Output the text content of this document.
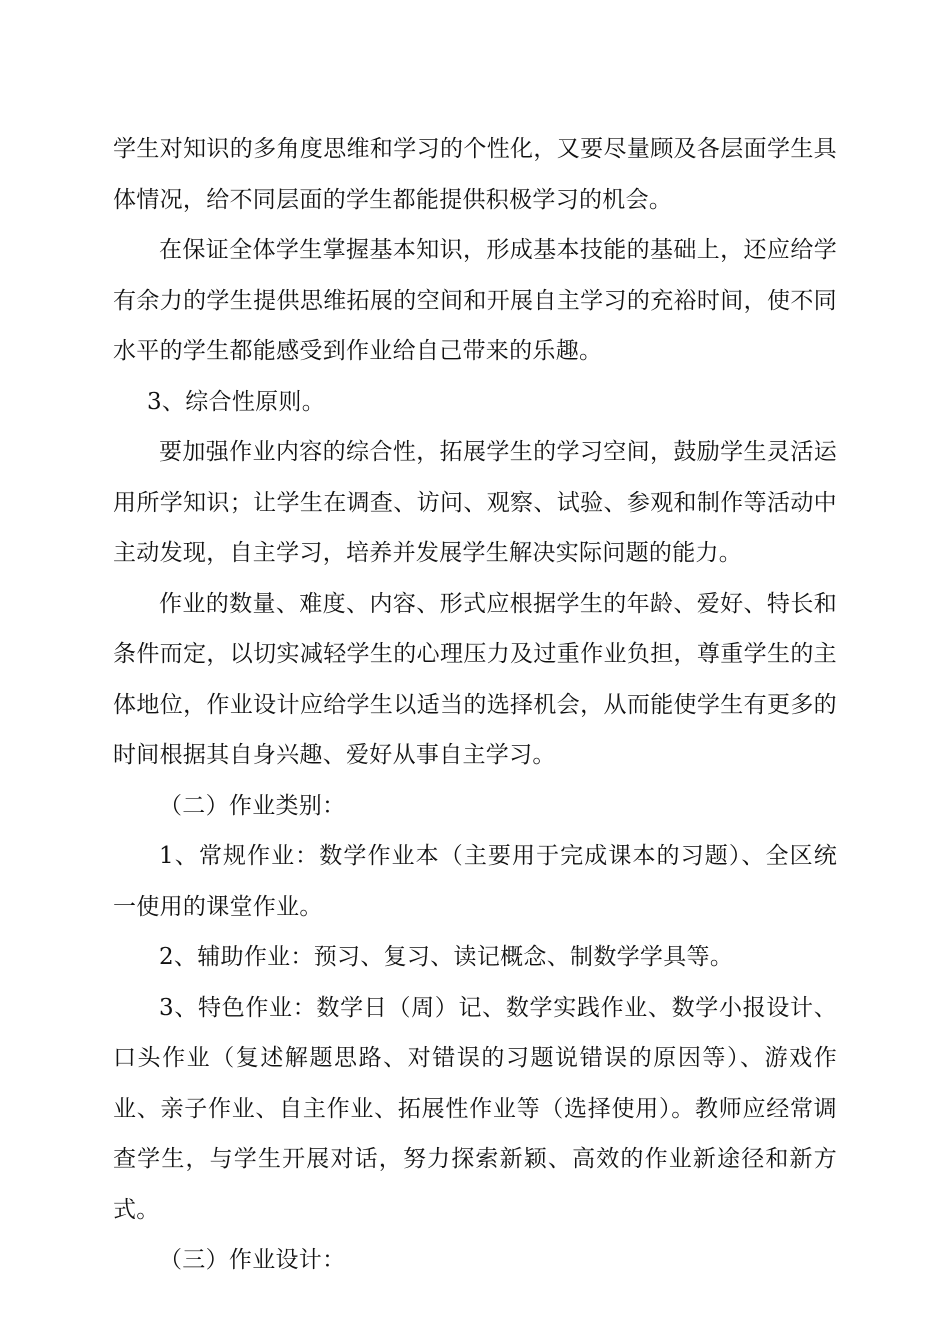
学生对知识的多角度思维和学习的个性化，又要尽量顾及各层面学生具体情况，给不同层面的学生都能提供积极学习的机会。

在保证全体学生掌握基本知识，形成基本技能的基础上，还应给学有余力的学生提供思维拓展的空间和开展自主学习的充裕时间，使不同水平的学生都能感受到作业给自己带来的乐趣。

3、综合性原则。

要加强作业内容的综合性，拓展学生的学习空间，鼓励学生灵活运用所学知识；让学生在调查、访问、观察、试验、参观和制作等活动中主动发现，自主学习，培养并发展学生解决实际问题的能力。

作业的数量、难度、内容、形式应根据学生的年龄、爱好、特长和条件而定，以切实减轻学生的心理压力及过重作业负担，尊重学生的主体地位，作业设计应给学生以适当的选择机会，从而能使学生有更多的时间根据其自身兴趣、爱好从事自主学习。

（二）作业类别：

1、常规作业：数学作业本（主要用于完成课本的习题）、全区统一使用的课堂作业。

2、辅助作业：预习、复习、读记概念、制数学学具等。

3、特色作业：数学日（周）记、数学实践作业、数学小报设计、口头作业（复述解题思路、对错误的习题说错误的原因等）、游戏作业、亲子作业、自主作业、拓展性作业等（选择使用）。教师应经常调查学生，与学生开展对话，努力探索新颖、高效的作业新途径和新方式。

（三）作业设计：
